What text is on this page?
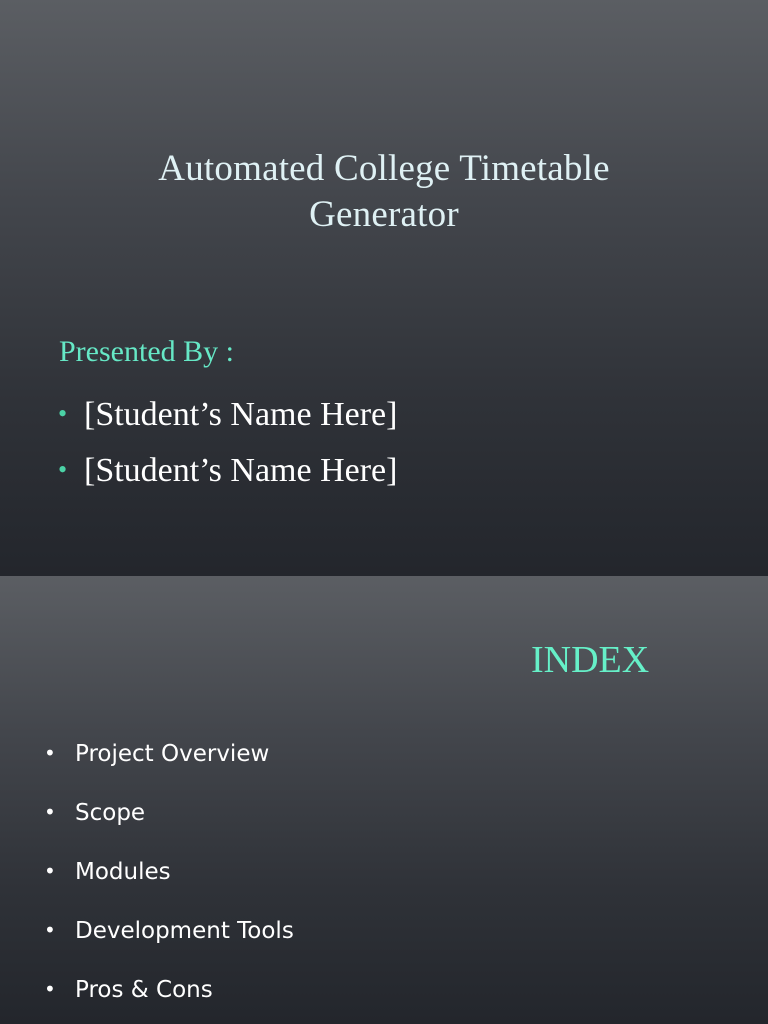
Automated College Timetable
Generator
Presented By :
• [Student’s Name Here]
• [Student’s Name Here]
INDEX
• Project Overview
• Scope
• Modules
• Development Tools
• Pros & Cons
